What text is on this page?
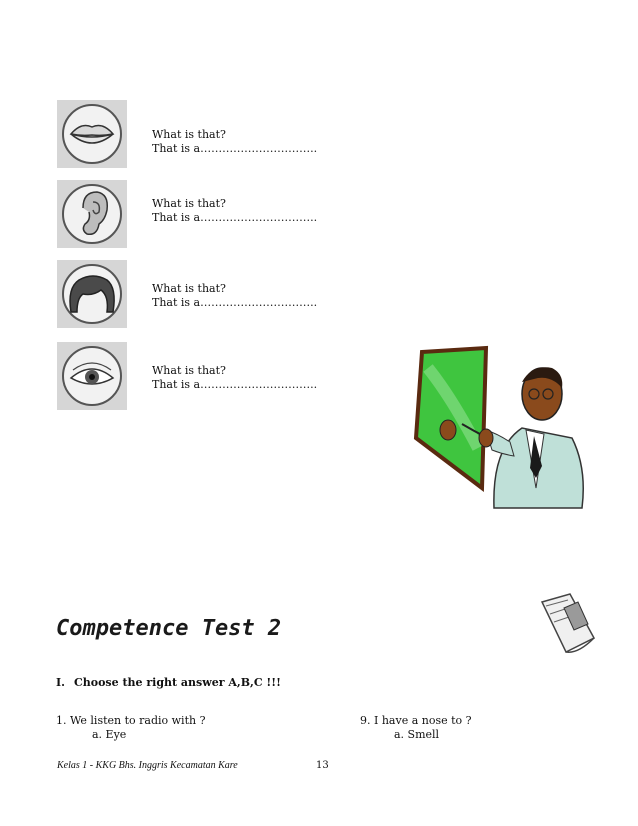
What is that?
That is a…………………………..
What is that?
That is a…………………………..
What is that?
That is a…………………………..
What is that?
That is a…………………………..
Competence Test 2
I. Choose the right answer A,B,C !!!
1. We listen to radio with ?
a. Eye
9. I have a nose to ?
a. Smell
Kelas 1 - KKG Bhs. Inggris Kecamatan Kare	13
